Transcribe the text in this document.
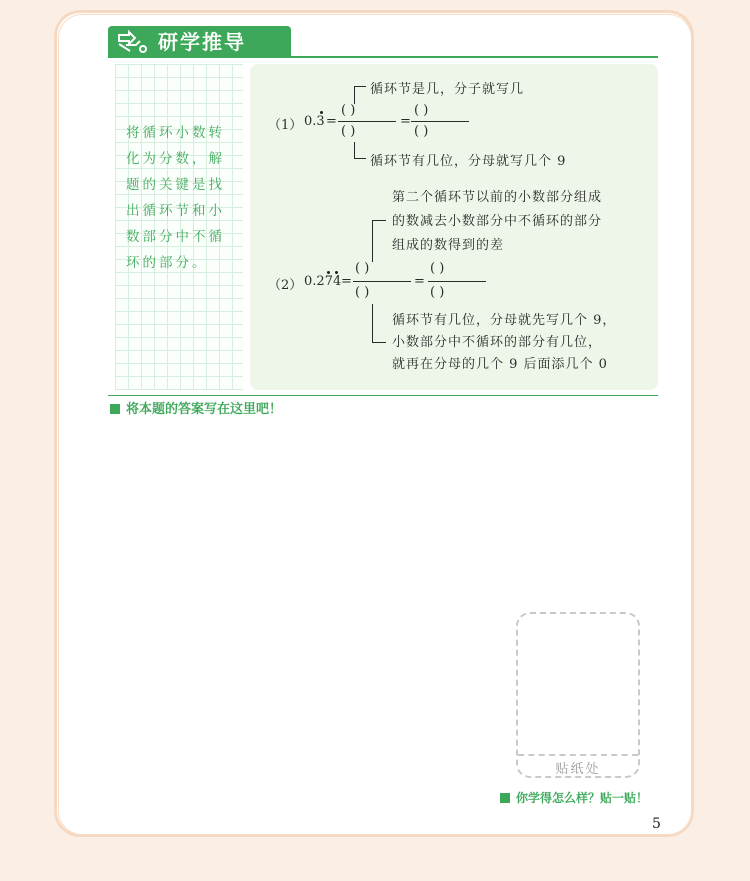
研学推导
将循环小数转化为分数，解题的关键是找出循环节和小数部分中不循环的部分。
（1） 0.3 =
( )
( )
=
( )
( )
循环节是几，分子就写几
循环节有几位，分母就写几个 9
第二个循环节以前的小数部分组成
的数减去小数部分中不循环的部分
组成的数得到的差
（2） 0.274 =
( )
( )
=
( )
( )
循环节有几位，分母就先写几个 9，
小数部分中不循环的部分有几位，
就再在分母的几个 9 后面添几个 0
将本题的答案写在这里吧！
贴纸处
你学得怎么样？贴一贴！
5
